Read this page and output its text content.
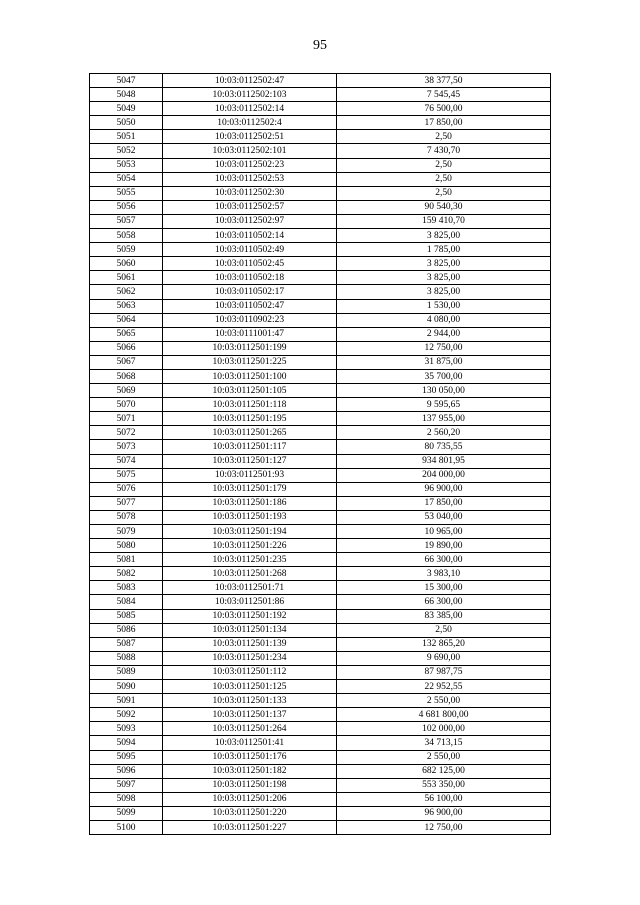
95
5047	10:03:0112502:47	38 377,50
5048	10:03:0112502:103	7 545,45
5049	10:03:0112502:14	76 500,00
5050	10:03:0112502:4	17 850,00
5051	10:03:0112502:51	2,50
5052	10:03:0112502:101	7 430,70
5053	10:03:0112502:23	2,50
5054	10:03:0112502:53	2,50
5055	10:03:0112502:30	2,50
5056	10:03:0112502:57	90 540,30
5057	10:03:0112502:97	159 410,70
5058	10:03:0110502:14	3 825,00
5059	10:03:0110502:49	1 785,00
5060	10:03:0110502:45	3 825,00
5061	10:03:0110502:18	3 825,00
5062	10:03:0110502:17	3 825,00
5063	10:03:0110502:47	1 530,00
5064	10:03:0110902:23	4 080,00
5065	10:03:0111001:47	2 944,00
5066	10:03:0112501:199	12 750,00
5067	10:03:0112501:225	31 875,00
5068	10:03:0112501:100	35 700,00
5069	10:03:0112501:105	130 050,00
5070	10:03:0112501:118	9 595,65
5071	10:03:0112501:195	137 955,00
5072	10:03:0112501:265	2 560,20
5073	10:03:0112501:117	80 735,55
5074	10:03:0112501:127	934 801,95
5075	10:03:0112501:93	204 000,00
5076	10:03:0112501:179	96 900,00
5077	10:03:0112501:186	17 850,00
5078	10:03:0112501:193	53 040,00
5079	10:03:0112501:194	10 965,00
5080	10:03:0112501:226	19 890,00
5081	10:03:0112501:235	66 300,00
5082	10:03:0112501:268	3 983,10
5083	10:03:0112501:71	15 300,00
5084	10:03:0112501:86	66 300,00
5085	10:03:0112501:192	83 385,00
5086	10:03:0112501:134	2,50
5087	10:03:0112501:139	132 865,20
5088	10:03:0112501:234	9 690,00
5089	10:03:0112501:112	87 987,75
5090	10:03:0112501:125	22 952,55
5091	10:03:0112501:133	2 550,00
5092	10:03:0112501:137	4 681 800,00
5093	10:03:0112501:264	102 000,00
5094	10:03:0112501:41	34 713,15
5095	10:03:0112501:176	2 550,00
5096	10:03:0112501:182	682 125,00
5097	10:03:0112501:198	553 350,00
5098	10:03:0112501:206	56 100,00
5099	10:03:0112501:220	96 900,00
5100	10:03:0112501:227	12 750,00
